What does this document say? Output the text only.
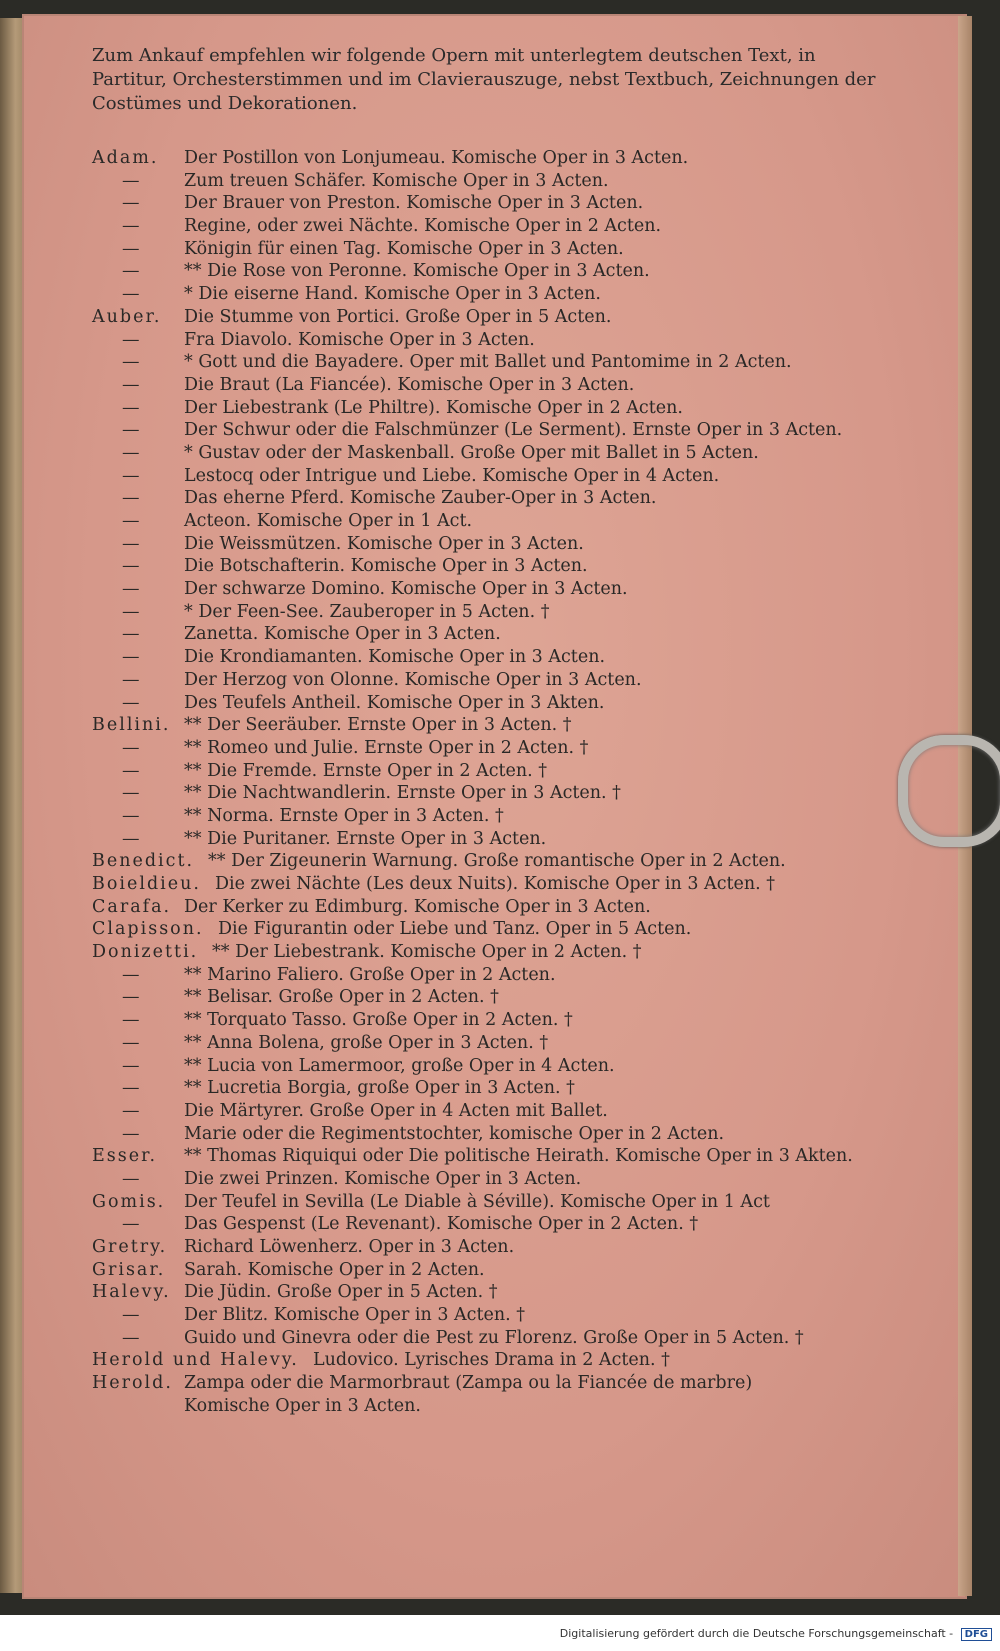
Zum Ankauf empfehlen wir folgende Opern mit unterlegtem deutschen Text, in Partitur, Orchesterstimmen und im Clavierauszuge, nebst Textbuch, Zeichnungen der Costümes und Dekorationen.
Adam. Der Postillon von Lonjumeau. Komische Oper in 3 Acten.
—	Zum treuen Schäfer. Komische Oper in 3 Acten.
—	Der Brauer von Preston. Komische Oper in 3 Acten.
—	Regine, oder zwei Nächte. Komische Oper in 2 Acten.
—	Königin für einen Tag. Komische Oper in 3 Acten.
—	** Die Rose von Peronne. Komische Oper in 3 Acten.
—	* Die eiserne Hand. Komische Oper in 3 Acten.
Auber. Die Stumme von Portici. Große Oper in 5 Acten.
—	Fra Diavolo. Komische Oper in 3 Acten.
—	* Gott und die Bayadere. Oper mit Ballet und Pantomime in 2 Acten.
—	Die Braut (La Fiancée). Komische Oper in 3 Acten.
—	Der Liebestrank (Le Philtre). Komische Oper in 2 Acten.
—	Der Schwur oder die Falschmünzer (Le Serment). Ernste Oper in 3 Acten.
—	* Gustav oder der Maskenball. Große Oper mit Ballet in 5 Acten.
—	Lestocq oder Intrigue und Liebe. Komische Oper in 4 Acten.
—	Das eherne Pferd. Komische Zauber-Oper in 3 Acten.
—	Acteon. Komische Oper in 1 Act.
—	Die Weissmützen. Komische Oper in 3 Acten.
—	Die Botschafterin. Komische Oper in 3 Acten.
—	Der schwarze Domino. Komische Oper in 3 Acten.
—	* Der Feen-See. Zauberoper in 5 Acten. †
—	Zanetta. Komische Oper in 3 Acten.
—	Die Krondiamanten. Komische Oper in 3 Acten.
—	Der Herzog von Olonne. Komische Oper in 3 Acten.
—	Des Teufels Antheil. Komische Oper in 3 Akten.
Bellini. ** Der Seeräuber. Ernste Oper in 3 Acten. †
—	** Romeo und Julie. Ernste Oper in 2 Acten. †
—	** Die Fremde. Ernste Oper in 2 Acten. †
—	** Die Nachtwandlerin. Ernste Oper in 3 Acten. †
—	** Norma. Ernste Oper in 3 Acten. †
—	** Die Puritaner. Ernste Oper in 3 Acten.
Benedict. ** Der Zigeunerin Warnung. Große romantische Oper in 2 Acten.
Boieldieu. Die zwei Nächte (Les deux Nuits). Komische Oper in 3 Acten. †
Carafa. Der Kerker zu Edimburg. Komische Oper in 3 Acten.
Clapisson. Die Figurantin oder Liebe und Tanz. Oper in 5 Acten.
Donizetti. ** Der Liebestrank. Komische Oper in 2 Acten. †
—	** Marino Faliero. Große Oper in 2 Acten.
—	** Belisar. Große Oper in 2 Acten. †
—	** Torquato Tasso. Große Oper in 2 Acten. †
—	** Anna Bolena, große Oper in 3 Acten. †
—	** Lucia von Lamermoor, große Oper in 4 Acten.
—	** Lucretia Borgia, große Oper in 3 Acten. †
—	Die Märtyrer. Große Oper in 4 Acten mit Ballet.
—	Marie oder die Regimentstochter, komische Oper in 2 Acten.
Esser. ** Thomas Riquiqui oder Die politische Heirath. Komische Oper in 3 Akten.
—	Die zwei Prinzen. Komische Oper in 3 Acten.
Gomis. Der Teufel in Sevilla (Le Diable à Séville). Komische Oper in 1 Act
—	Das Gespenst (Le Revenant). Komische Oper in 2 Acten. †
Gretry. Richard Löwenherz. Oper in 3 Acten.
Grisar. Sarah. Komische Oper in 2 Acten.
Halevy. Die Jüdin. Große Oper in 5 Acten. †
—	Der Blitz. Komische Oper in 3 Acten. †
—	Guido und Ginevra oder die Pest zu Florenz. Große Oper in 5 Acten. †
Herold und Halevy. Ludovico. Lyrisches Drama in 2 Acten. †
Herold. Zampa oder die Marmorbraut (Zampa ou la Fiancée de marbre)
Komische Oper in 3 Acten.
Digitalisierung gefördert durch die Deutsche Forschungsgemeinschaft - DFG
